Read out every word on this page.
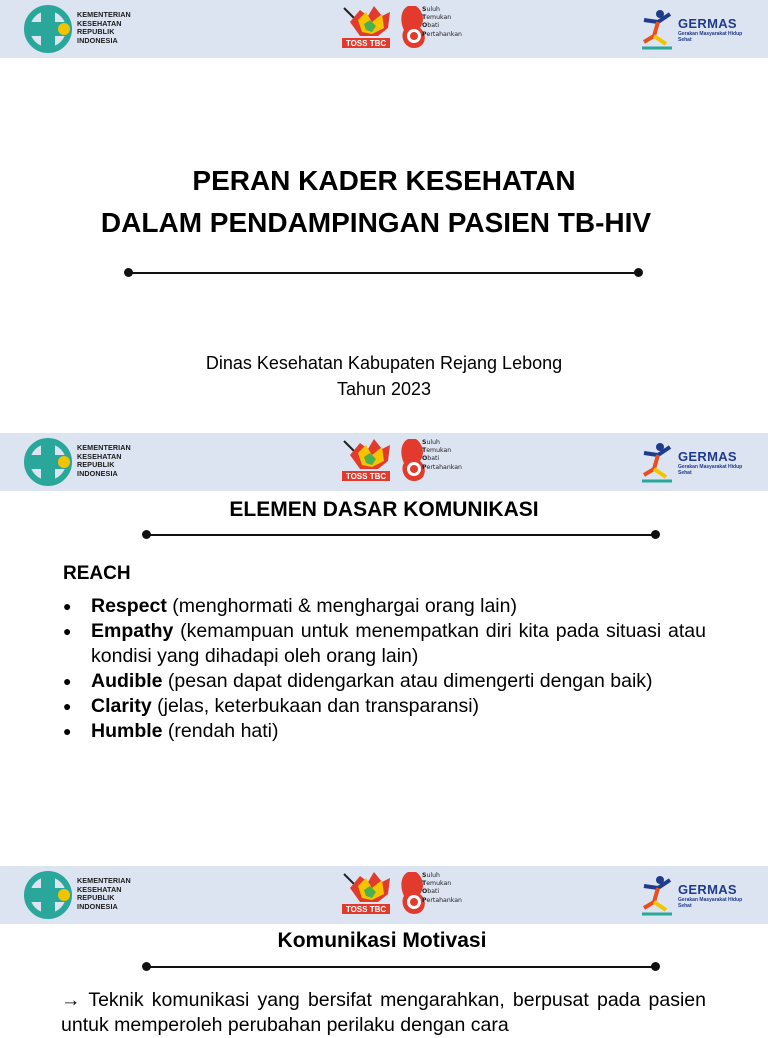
KEMENTERIAN
KESEHATAN
REPUBLIK
INDONESIA	TOSS TBC
Suluh
Temukan
Obati
Pertahankan
GERMAS
Gerakan Masyarakat Hidup Sehat
PERAN KADER KESEHATAN
DALAM PENDAMPINGAN PASIEN TB-HIV
Dinas Kesehatan Kabupaten Rejang Lebong
Tahun 2023
KEMENTERIAN
KESEHATAN
REPUBLIK
INDONESIA	TOSS TBC
Suluh
Temukan
Obati
Pertahankan
GERMAS
Gerakan Masyarakat Hidup Sehat
ELEMEN DASAR KOMUNIKASI
REACH
● Respect (menghormati & menghargai orang lain)
● Empathy (kemampuan untuk menempatkan diri kita pada situasi atau kondisi yang dihadapi oleh orang lain)
● Audible (pesan dapat didengarkan atau dimengerti dengan baik)
● Clarity (jelas, keterbukaan dan transparansi)
● Humble (rendah hati)
KEMENTERIAN
KESEHATAN
REPUBLIK
INDONESIA	TOSS TBC
Suluh
Temukan
Obati
Pertahankan
GERMAS
Gerakan Masyarakat Hidup Sehat
Komunikasi Motivasi
→ Teknik komunikasi yang bersifat mengarahkan, berpusat pada pasien untuk memperoleh perubahan perilaku dengan cara
